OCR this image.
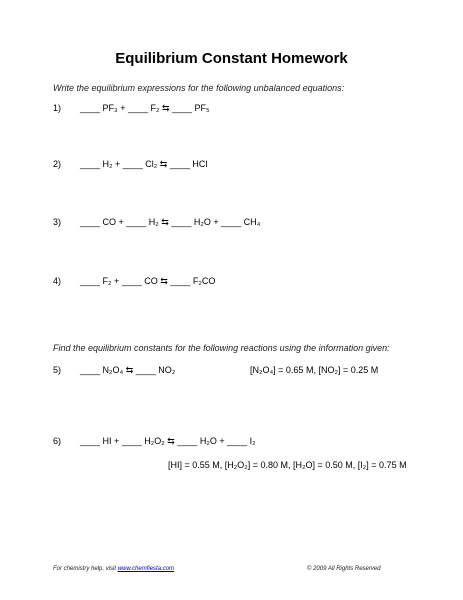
Equilibrium Constant Homework
Write the equilibrium expressions for the following unbalanced equations:
1) ____ PF₃ + ____ F₂ ⇆ ____ PF₅
2) ____ H₂ + ____ Cl₂ ⇆ ____ HCl
3) ____ CO + ____ H₂ ⇆ ____ H₂O + ____ CH₄
4) ____ F₂ + ____ CO ⇆ ____ F₂CO
Find the equilibrium constants for the following reactions using the information given:
5) ____ N₂O₄ ⇆ ____ NO₂	[N₂O₄] = 0.65 M, [NO₂] = 0.25 M
6) ____ HI + ____ H₂O₂ ⇆ ____ H₂O + ____ I₂
[HI] = 0.55 M, [H₂O₂] = 0.80 M, [H₂O] = 0.50 M, [I₂] = 0.75 M
For chemistry help, visit www.chemfiesta.com	© 2009 All Rights Reserved
